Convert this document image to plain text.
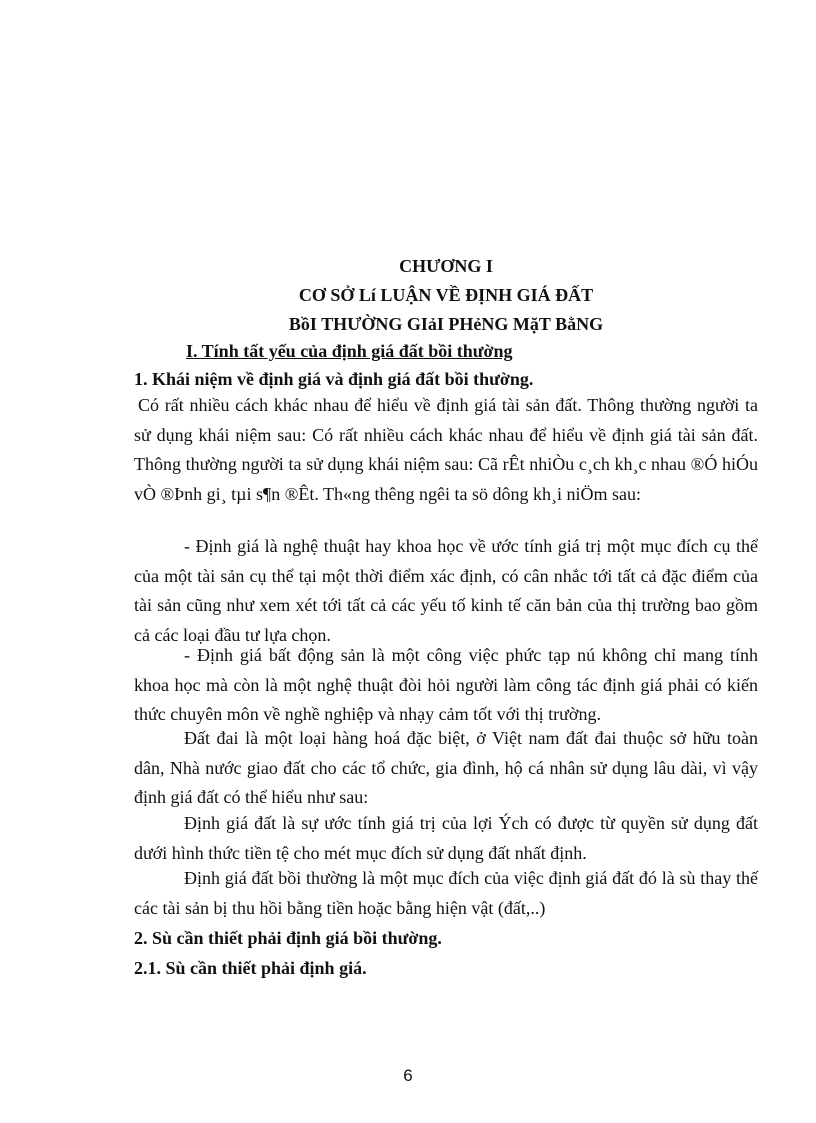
CHƯƠNG I
CƠ SỞ Lí LUẬN VỀ ĐỊNH GIÁ ĐẤT
BồI THƯỜNG GIảI PHẻNG MặT BằNG
I. Tính tất yếu của định giá đất bồi thường
1. Khái niệm về định giá và định giá đất bồi thường.

Có rất nhiều cách khác nhau để hiểu về định giá tài sản đất. Thông thường người ta sử dụng khái niệm sau: Có rất nhiều cách khác nhau để hiểu về định giá tài sản đất. Thông thường người ta sử dụng khái niệm sau: Cã rÊt nhiÒu c¸ch kh¸c nhau ®Ó hiÓu vÒ ®Þnh gi¸ tµi s¶n ®Êt. Th«ng thêng ngêi ta sö dông kh¸i niÖm sau:

- Định giá là nghệ thuật hay khoa học về ước tính giá trị một mục đích cụ thể của một tài sản cụ thể tại một thời điểm xác định, có cân nhắc tới tất cả đặc điểm của tài sản cũng như xem xét tới tất cả các yếu tố kinh tế căn bản của thị trường bao gồm cả các loại đầu tư lựa chọn.

- Định giá bất động sản là một công việc phức tạp nú không chỉ mang tính khoa học mà còn là một nghệ thuật đòi hỏi người làm công tác định giá phải có kiến thức chuyên môn về nghề nghiệp và nhạy cảm tốt với thị trường.

Đất đai là một loại hàng hoá đặc biệt, ở Việt nam đất đai thuộc sở hữu toàn dân, Nhà nước giao đất cho các tổ chức, gia đình, hộ cá nhân sử dụng lâu dài, vì vậy định giá đất có thể hiểu như sau:

Định giá đất là sự ước tính giá trị của lợi Ých có được từ quyền sử dụng đất dưới hình thức tiền tệ cho mét mục đích sử dụng đất nhất định.

Định giá đất bồi thường là một mục đích của việc định giá đất đó là sù thay thế các tài sản bị thu hồi bằng tiền hoặc bằng hiện vật (đất,..)

2. Sù cần thiết phải định giá bồi thường.
2.1. Sù cần thiết phải định giá.
6
